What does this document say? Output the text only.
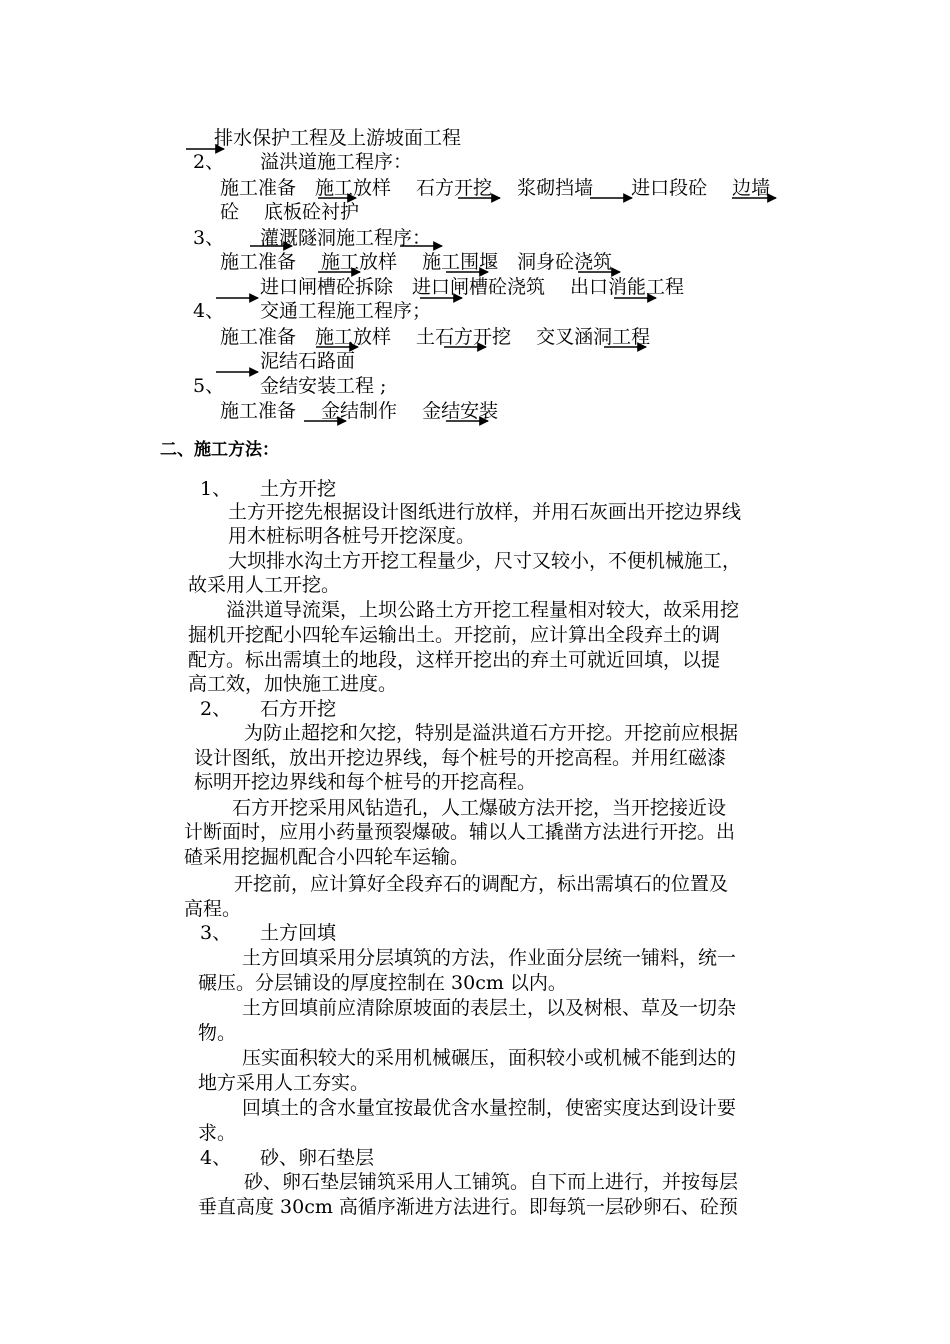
排水保护工程及上游坡面工程
2、 溢洪道施工程序：
施工准备　施工放样　 石方开挖　 浆砌挡墙　　进口段砼　 边墙
砼　 底板砼衬护
3、 灌溉隧洞施工程序：
施工准备　 施工放样　 施工围堰　洞身砼浇筑
进口闸槽砼拆除　进口闸槽砼浇筑　 出口消能工程
4、 交通工程施工程序；
施工准备　施工放样　 土石方开挖　 交叉涵洞工程
泥结石路面
5、 金结安装工程 ;
施工准备　 金结制作　 金结安装
二、施工方法：
1、 土方开挖
土方开挖先根据设计图纸进行放样，并用石灰画出开挖边界线
用木桩标明各桩号开挖深度。
大坝排水沟土方开挖工程量少，尺寸又较小，不便机械施工，
故采用人工开挖。
溢洪道导流渠，上坝公路土方开挖工程量相对较大，故采用挖
掘机开挖配小四轮车运输出土。开挖前，应计算出全段弃土的调
配方。标出需填土的地段，这样开挖出的弃土可就近回填，以提
高工效，加快施工进度。
2、 石方开挖
为防止超挖和欠挖，特别是溢洪道石方开挖。开挖前应根据
设计图纸，放出开挖边界线，每个桩号的开挖高程。并用红磁漆
标明开挖边界线和每个桩号的开挖高程。
石方开挖采用风钻造孔，人工爆破方法开挖，当开挖接近设
计断面时，应用小药量预裂爆破。辅以人工撬凿方法进行开挖。出
碴采用挖掘机配合小四轮车运输。
开挖前，应计算好全段弃石的调配方，标出需填石的位置及
高程。
3、 土方回填
土方回填采用分层填筑的方法，作业面分层统一铺料，统一
碾压。分层铺设的厚度控制在 30cm 以内。
土方回填前应清除原坡面的表层土，以及树根、草及一切杂
物。
压实面积较大的采用机械碾压，面积较小或机械不能到达的
地方采用人工夯实。
回填土的含水量宜按最优含水量控制，使密实度达到设计要
求。
4、 砂、卵石垫层
砂、卵石垫层铺筑采用人工铺筑。自下而上进行，并按每层
垂直高度 30cm 高循序渐进方法进行。即每筑一层砂卵石、砼预
